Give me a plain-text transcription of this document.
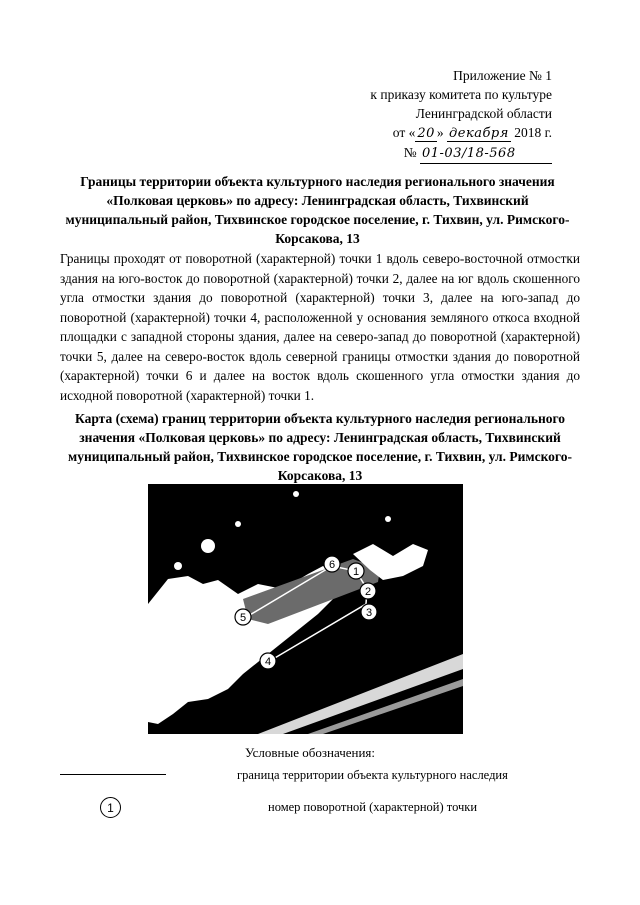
Приложение № 1
к приказу комитета по культуре
Ленинградской области
от « 20 » декабря 2018 г.
№ 01-03/18-568
Границы территории объекта культурного наследия регионального значения «Полковая церковь» по адресу: Ленинградская область, Тихвинский муниципальный район, Тихвинское городское поселение, г. Тихвин, ул. Римского-Корсакова, 13
Границы проходят от поворотной (характерной) точки 1 вдоль северо-восточной отмостки здания на юго-восток до поворотной (характерной) точки 2, далее на юг вдоль скошенного угла отмостки здания до поворотной (характерной) точки 3, далее на юго-запад до поворотной (характерной) точки 4, расположенной у основания земляного откоса входной площадки с западной стороны здания, далее на северо-запад до поворотной (характерной) точки 5, далее на северо-восток вдоль северной границы отмостки здания до поворотной (характерной) точки 6 и далее на восток вдоль скошенного угла отмостки здания до исходной поворотной (характерной) точки 1.
Карта (схема) границ территории объекта культурного наследия регионального значения «Полковая церковь» по адресу: Ленинградская область, Тихвинский муниципальный район, Тихвинское городское поселение, г. Тихвин, ул. Римского-Корсакова, 13
1
2
3
4
5
6
Условные обозначения:
граница территории объекта культурного наследия
1	номер поворотной (характерной) точки
